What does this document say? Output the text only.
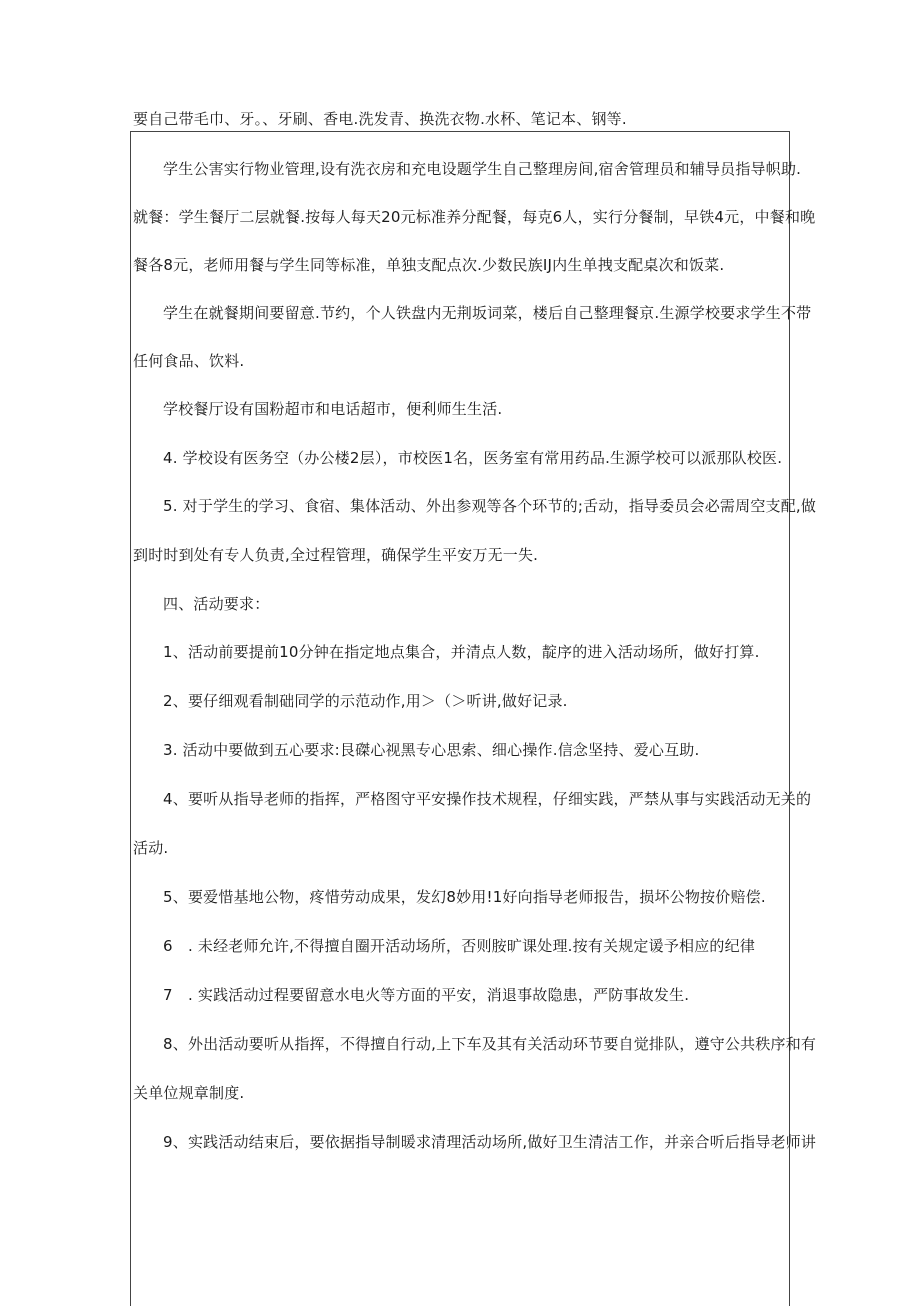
要自己带毛巾、牙。、牙刷、香电.洗发青、换洗衣物.水杯、笔记本、钢等.
学生公害实行物业管理,设有洗衣房和充电设题学生自己整理房间,宿舍管理员和辅导员指导帜助.
就餐：学生餐厅二层就餐.按每人每天20元标准养分配餐，每克6人，实行分餐制，早铁4元，中餐和晚
餐各8元，老师用餐与学生同等标准，单独支配点次.少数民族IJ内生单拽支配桌次和饭菜.
学生在就餐期间要留意.节约，个人铁盘内无荆坂词菜，楼后自己整理餐京.生源学校要求学生不带
任何食品、饮料.
学校餐厅设有国粉超市和电话超市，便利师生生活.
4. 学校设有医务空（办公楼2层），市校医1名，医务室有常用药品.生源学校可以派那队校医.
5. 对于学生的学习、食宿、集体活动、外出参观等各个环节的;舌动，指导委员会必需周空支配,做
到时时到处有专人负责,全过程管理，确保学生平安万无一失.
四、活动要求：
1、活动前要提前10分钟在指定地点集合，并清点人数，靛序的进入活动场所，做好打算.
2、要仔细观看制础同学的示范动作,用＞（＞听讲,做好记录.
3. 活动中要做到五心要求:艮磔心视黑专心思索、细心操作.信念坚持、爱心互助.
4、要听从指导老师的指挥，严格图守平安操作技术规程，仔细实践，严禁从事与实践活动无关的
活动.
5、要爱惜基地公物，疼惜劳动成果，发幻8妙用!1好向指导老师报告，损坏公物按价赔偿.
6　. 未经老师允许,不得擅自圈开活动场所，否则胺旷课处理.按有关规定谖予相应的纪律
7　. 实践活动过程要留意水电火等方面的平安，消退事故隐患，严防事故发生.
8、外出活动要听从指挥，不得擅自行动,上下车及其有关活动环节要自觉排队，遵守公共秩序和有
关单位规章制度.
9、实践活动结束后，要依据指导制暖求清理活动场所,做好卫生清洁工作，并亲合听后指导老师讲
